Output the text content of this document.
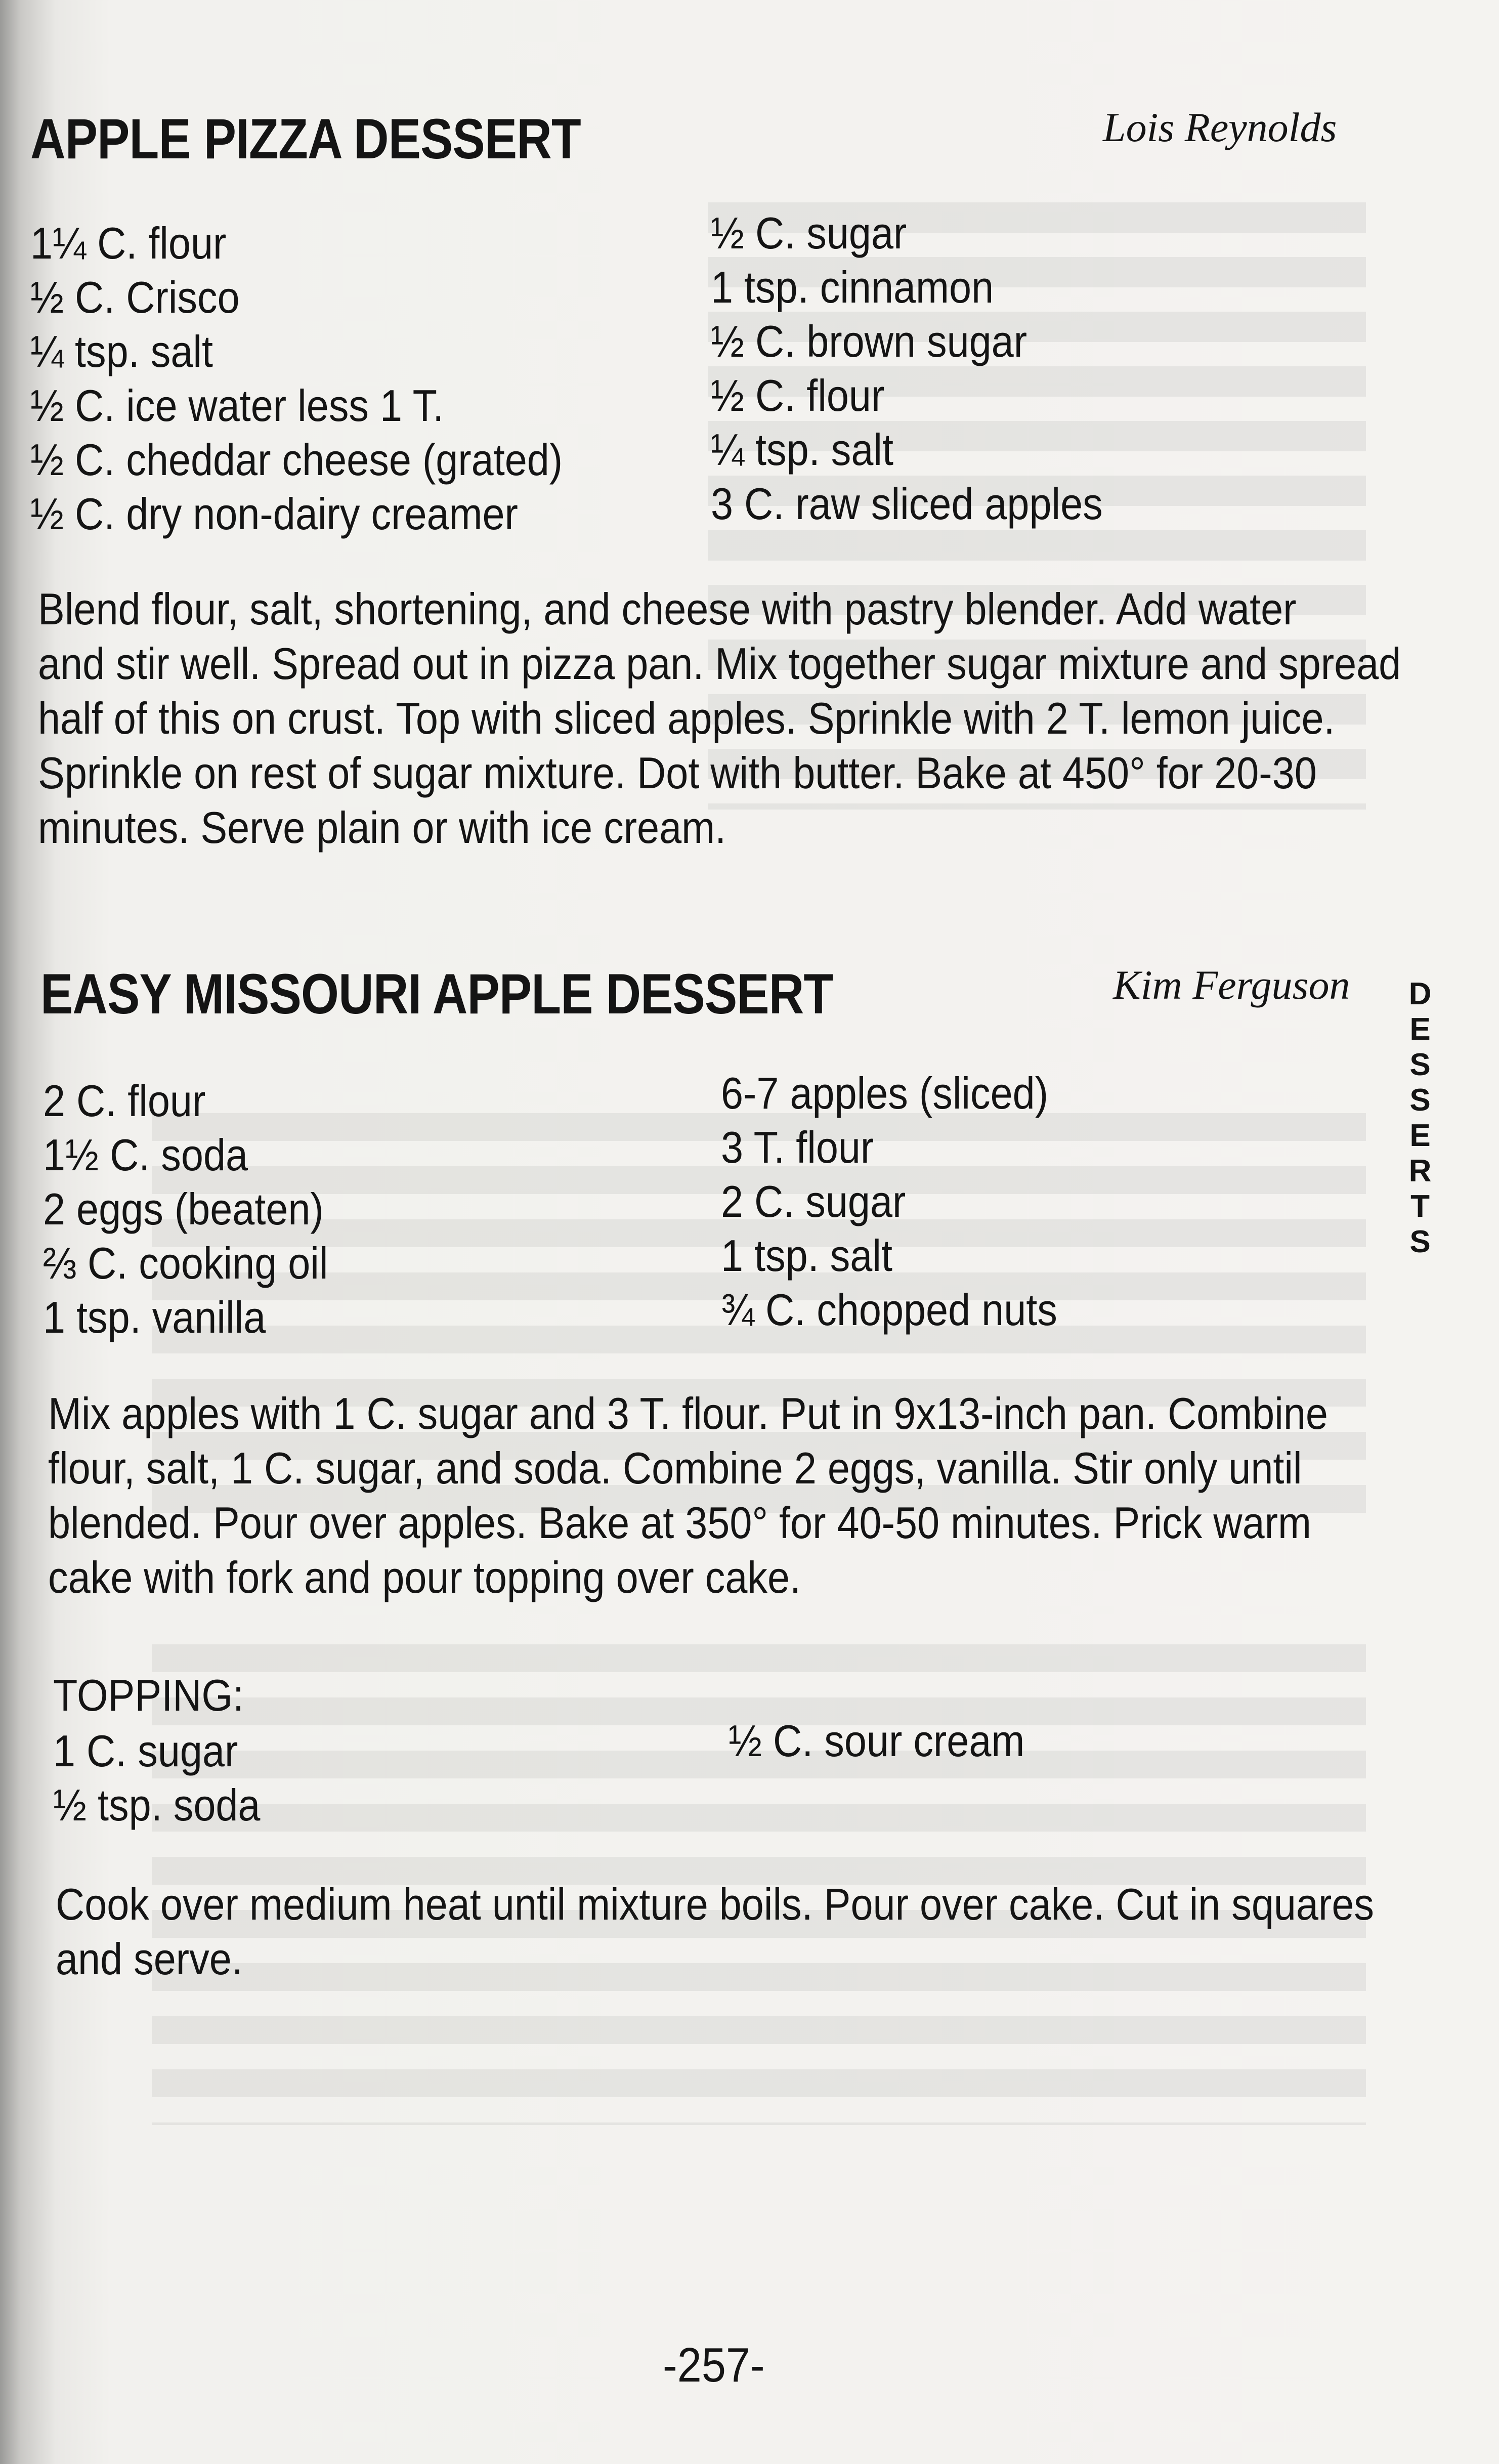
APPLE PIZZA DESSERT	Lois Reynolds
1¼ C. flour
½ C. Crisco
¼ tsp. salt
½ C. ice water less 1 T.
½ C. cheddar cheese (grated)
½ C. dry non-dairy creamer
½ C. sugar
1 tsp. cinnamon
½ C. brown sugar
½ C. flour
¼ tsp. salt
3 C. raw sliced apples
Blend flour, salt, shortening, and cheese with pastry blender. Add water
and stir well. Spread out in pizza pan. Mix together sugar mixture and spread
half of this on crust. Top with sliced apples. Sprinkle with 2 T. lemon juice.
Sprinkle on rest of sugar mixture. Dot with butter. Bake at 450° for 20-30
minutes. Serve plain or with ice cream.
EASY MISSOURI APPLE DESSERT	Kim Ferguson
2 C. flour
1½ C. soda
2 eggs (beaten)
⅔ C. cooking oil
1 tsp. vanilla
6-7 apples (sliced)
3 T. flour
2 C. sugar
1 tsp. salt
¾ C. chopped nuts
Mix apples with 1 C. sugar and 3 T. flour. Put in 9x13-inch pan. Combine
flour, salt, 1 C. sugar, and soda. Combine 2 eggs, vanilla. Stir only until
blended. Pour over apples. Bake at 350° for 40-50 minutes. Prick warm
cake with fork and pour topping over cake.
TOPPING:
1 C. sugar
½ tsp. soda
½ C. sour cream
Cook over medium heat until mixture boils. Pour over cake. Cut in squares
and serve.
D
E
S
S
E
R
T
S
-257-
